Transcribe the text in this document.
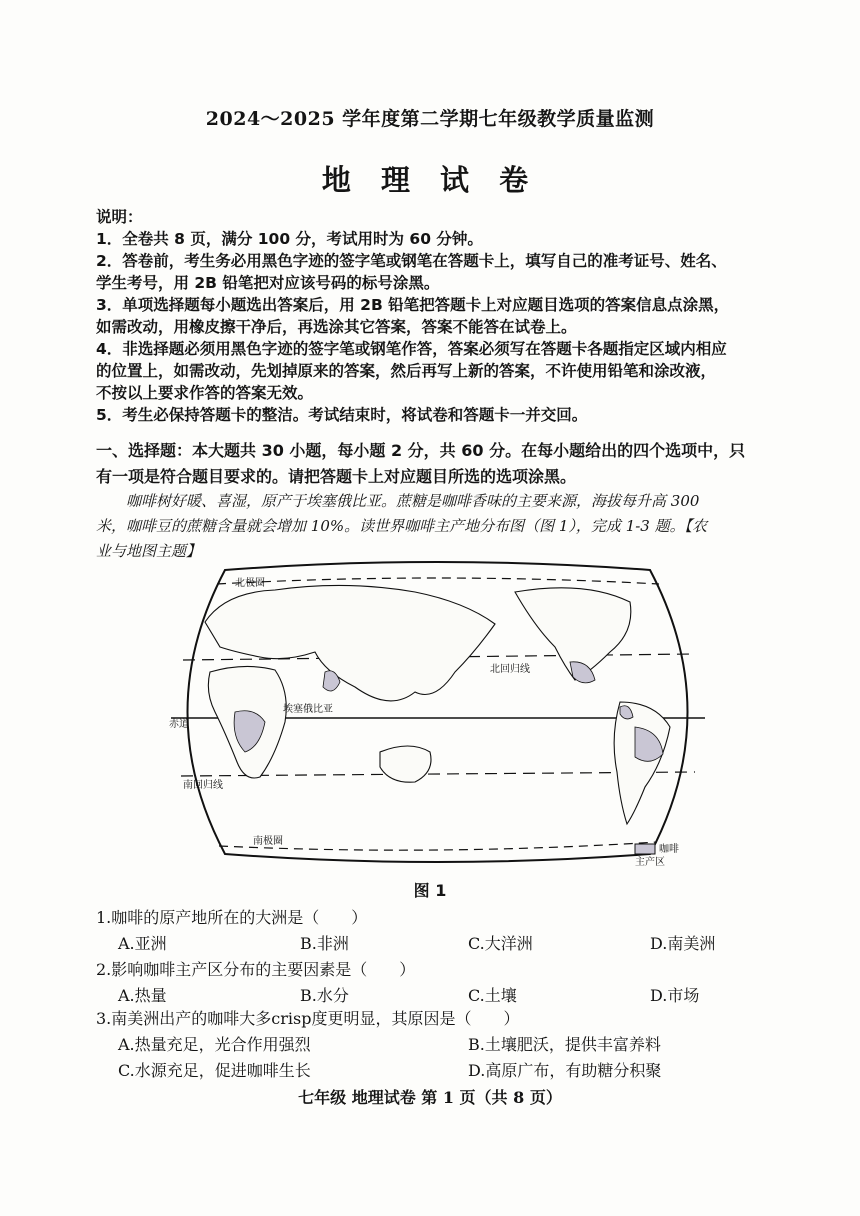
2024～2025 学年度第二学期七年级教学质量监测
地 理 试 卷
说明：
1．全卷共 8 页，满分 100 分，考试用时为 60 分钟。
2．答卷前，考生务必用黑色字迹的签字笔或钢笔在答题卡上，填写自己的准考证号、姓名、
学生考号，用 2B 铅笔把对应该号码的标号涂黑。
3．单项选择题每小题选出答案后，用 2B 铅笔把答题卡上对应题目选项的答案信息点涂黑，
如需改动，用橡皮擦干净后，再选涂其它答案，答案不能答在试卷上。
4．非选择题必须用黑色字迹的签字笔或钢笔作答，答案必须写在答题卡各题指定区域内相应
的位置上，如需改动，先划掉原来的答案，然后再写上新的答案，不许使用铅笔和涂改液，
不按以上要求作答的答案无效。
5．考生必保持答题卡的整洁。考试结束时，将试卷和答题卡一并交回。
一、选择题：本大题共 30 小题，每小题 2 分，共 60 分。在每小题给出的四个选项中，只
有一项是符合题目要求的。请把答题卡上对应题目所选的选项涂黑。
咖啡树好暖、喜湿，原产于埃塞俄比亚。蔗糖是咖啡香味的主要来源，海拔每升高 300
米，咖啡豆的蔗糖含量就会增加 10%。读世界咖啡主产地分布图（图 1），完成 1-3 题。【农
业与地图主题】
北极圈
北回归线
埃塞俄比亚
赤道
南回归线
南极圈
咖啡
主产区
图 1
1.咖啡的原产地所在的大洲是（　　）
A.亚洲	B.非洲	C.大洋洲	D.南美洲
2.影响咖啡主产区分布的主要因素是（　　）
A.热量	B.水分	C.土壤	D.市场
3.南美洲出产的咖啡大多crisp度更明显，其原因是（　　）
A.热量充足，光合作用强烈	B.土壤肥沃，提供丰富养料
C.水源充足，促进咖啡生长	D.高原广布，有助糖分积聚
七年级 地理试卷 第 1 页（共 8 页）
